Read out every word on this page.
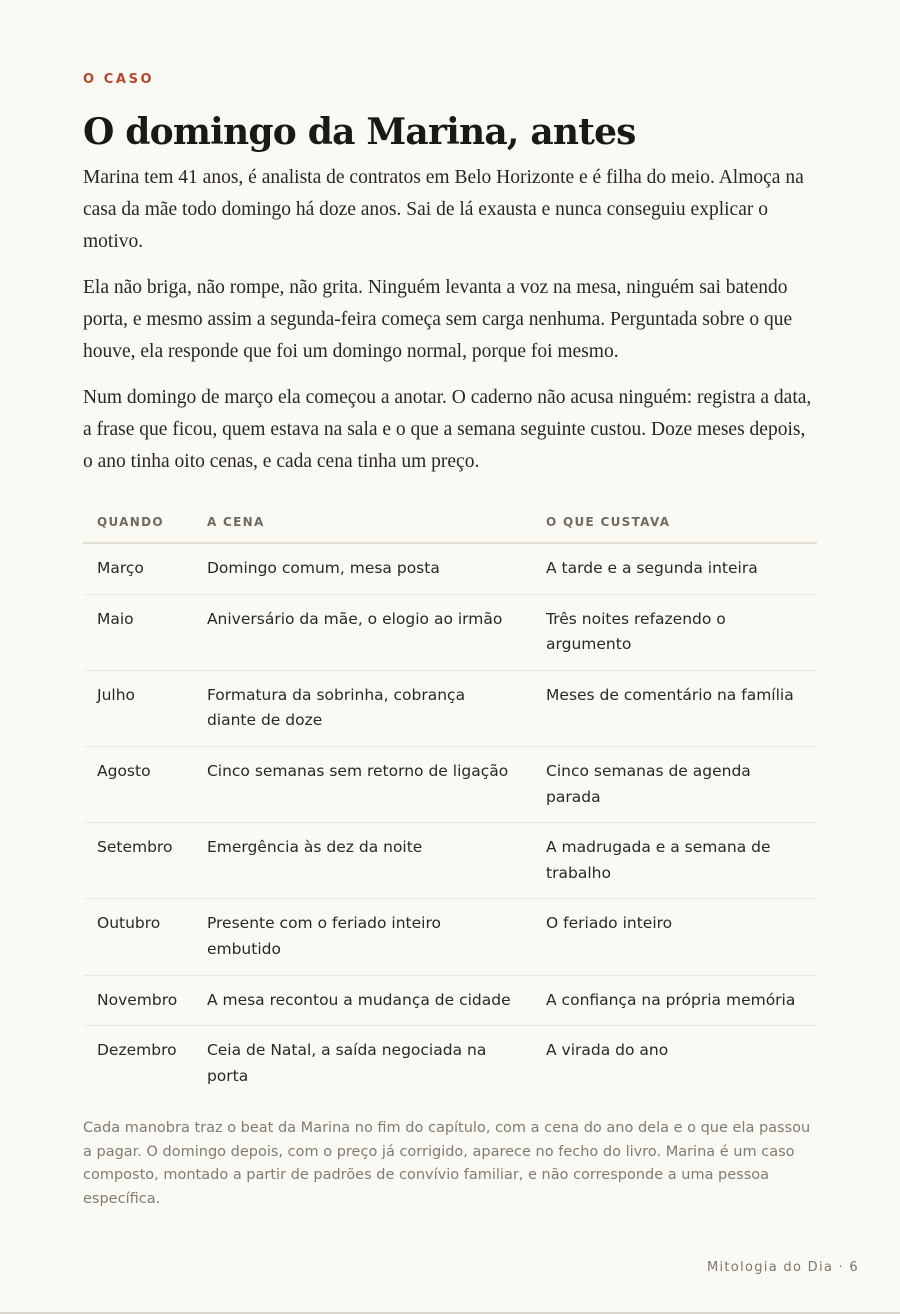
O CASO

O domingo da Marina, antes

Marina tem 41 anos, é analista de contratos em Belo Horizonte e é filha do meio. Almoça na casa da mãe todo domingo há doze anos. Sai de lá exausta e nunca conseguiu explicar o motivo.

Ela não briga, não rompe, não grita. Ninguém levanta a voz na mesa, ninguém sai batendo porta, e mesmo assim a segunda-feira começa sem carga nenhuma. Perguntada sobre o que houve, ela responde que foi um domingo normal, porque foi mesmo.

Num domingo de março ela começou a anotar. O caderno não acusa ninguém: registra a data, a frase que ficou, quem estava na sala e o que a semana seguinte custou. Doze meses depois, o ano tinha oito cenas, e cada cena tinha um preço.

QUANDO	A CENA	O QUE CUSTAVA
Março	Domingo comum, mesa posta	A tarde e a segunda inteira
Maio	Aniversário da mãe, o elogio ao irmão	Três noites refazendo o argumento
Julho	Formatura da sobrinha, cobrança diante de doze	Meses de comentário na família
Agosto	Cinco semanas sem retorno de ligação	Cinco semanas de agenda parada
Setembro	Emergência às dez da noite	A madrugada e a semana de trabalho
Outubro	Presente com o feriado inteiro embutido	O feriado inteiro
Novembro	A mesa recontou a mudança de cidade	A confiança na própria memória
Dezembro	Ceia de Natal, a saída negociada na porta	A virada do ano

Cada manobra traz o beat da Marina no fim do capítulo, com a cena do ano dela e o que ela passou a pagar. O domingo depois, com o preço já corrigido, aparece no fecho do livro. Marina é um caso composto, montado a partir de padrões de convívio familiar, e não corresponde a uma pessoa específica.

Mitologia do Dia · 6
